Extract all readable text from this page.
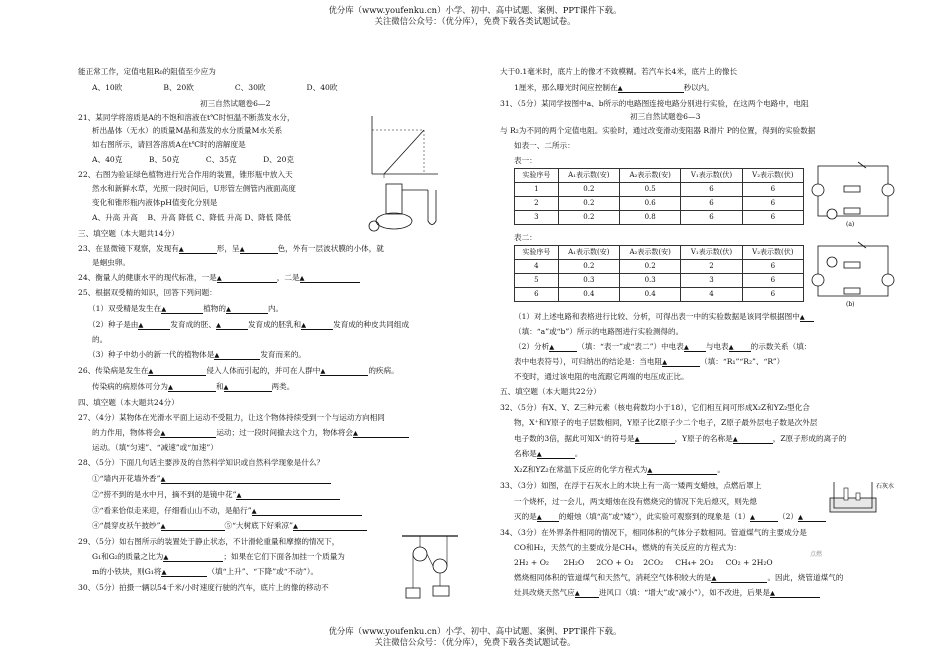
优分库（www.youfenku.cn）小学、初中、高中试题、案例、PPT课件下载。
关注微信公众号：（优分库），免费下载各类试题试卷。
能正常工作，定值电阻R₀的阻值至少应为
A、10欧                 B、20欧                 C、30欧                 D、40欧
初三自然试题卷6—2
21、某同学将溶质是A的不饱和溶液在t℃时恒温不断蒸发水分，
析出晶体（无水）的质量M晶和蒸发的水分质量M水关系
如右图所示，请回答溶质A在t℃时的溶解度是
A、40克           B、50克           C、35克           D、20克
22、右图为验证绿色植物进行光合作用的装置，锥形瓶中放入天
然水和新鲜水草，光照一段时间后，U形管左侧管内液面高度
变化和锥形瓶内液体pH值变化分别是
A、升高 升高    B、升高 降低 C、降低 升高 D、降低 降低
三、填空题（本大题共14分）
23、在显微镜下观察，发现有▲	形，呈▲	色，外有一层波状膜的小体，就
是蛔虫卵。
24、衡量人的健康水平的现代标准，一是▲	，二是▲
25、根据双受精的知识，回答下列问题：
（1）双受精是发生在▲	植物的▲	内。
（2）种子是由▲	发育成的胚、▲	发育成的胚乳和▲	发育成的种皮共同组成
的。
（3）种子中幼小的新一代的植物体是▲	发育而来的。
26、传染病是发生在▲	侵入人体而引起的，并可在人群中▲	的疾病。
传染病的病原体可分为▲	和▲	两类。
四、填空题（本大题共24分）
27、（4分）某物体在光滑水平面上运动不受阻力，让这个物体持续受到一个与运动方向相同
的力作用，物体将会▲	运动；过一段时间撤去这个力，物体将会▲
运动。（填“匀速”、“减速”或“加速”）
28、（5分）下面几句话主要涉及的自然科学知识或自然科学现象是什么？
①“墙内开花墙外香”▲
②“捞不到的是水中月，摘不到的是镜中花”▲
③“看来恰似走来迎，仔细看山山不动，是船行”▲
④“晨穿皮袄午披纱”▲	⑤“大树底下好乘凉”▲
29、（5分）如右图所示的装置处于静止状态，不计滑轮重量和摩擦的情况下，
G₁和G₂的质量之比为▲	；如果在它们下面各加挂一个质量为
m的小铁块，则G₁将▲	（填“上升”、“下降”或“不动”）。
30、（5分）拍摄一辆以54千米/小时速度行驶的汽车，底片上的像的移动不
大于0.1毫米时，底片上的像才不致模糊。若汽车长4米，底片上的像长
1厘米，那么曝光时间应控制在▲	秒以内。
31、（5分）某同学按图中a、b所示的电路图连接电路分别进行实验，在这两个电路中，电阻
初三自然试题卷6—3
与 R₂为不同的两个定值电阻。实验时，通过改变滑动变阻器 R滑片 P的位置，得到的实验数据
如表一、二所示：
表一：
实验序号	A₁表示数(安)	A₂表示数(安)	V₁表示数(伏)	V₂表示数(伏)
1	0.2	0.5	6	6
2	0.2	0.6	6	6
3	0.2	0.8	6	6
表二：
实验序号	A₁表示数(安)	A₂表示数(安)	V₁表示数(伏)	V₂表示数(伏)
4	0.2	0.2	2	6
5	0.3	0.3	3	6
6	0.4	0.4	4	6
(a)
(b)
（1）对上述电路和表格进行比较、分析，可得出表一中的实验数据是该同学根据图中▲
（填：“a”或“b”）所示的电路图进行实验测得的。
（2）分析▲	（填：“表一”或“表二”）中电表▲ 与电表▲ 的示数关系（填：
表中电表符号），可归纳出的结论是：当电阻▲	（填：“R₁”“R₂”、“R”）
不变时，通过该电阻的电流跟它两端的电压成正比。
五、填空题（本大题共22分）
32、（5分）有X、Y、Z三种元素（核电荷数均小于18），它们相互间可形成X₂Z和YZ₂型化合
物，X⁺和Y原子的电子层数相同，Y原子比Z原子少二个电子，Z原子最外层电子数是次外层
电子数的3倍，据此可知X⁺的符号是▲	，Y原子的名称是▲	，Z原子形成的离子的
名称是▲	。
X₂Z和YZ₂在常温下反应的化学方程式为▲	。
33、（3分）如图，在浮于石灰水上的木块上有一高一矮两支蜡烛，点燃后罩上
一个烧杯，过一会儿，两支蜡烛在没有燃烧完的情况下先后熄灭，则先熄
灭的是▲ 的蜡烛（填“高”或“矮”），此实验可观察到的现象是（1）▲	（2）▲
石灰水
34、（3分）在外界条件相同的情况下，相同体积的气体分子数相同。管道煤气的主要成分是
CO和H₂，天然气的主要成分是CH₄，燃烧的有关反应的方程式为：
2H₂ + O₂      2H₂O     2CO + O₂    2CO₂     CH₄+ 2O₂     CO₂ + 2H₂O
点燃
燃烧相同体积的管道煤气和天然气，消耗空气体积较大的是▲	。因此，烧管道煤气的
灶具改烧天然气应▲	进风口（填：“增大”或“减小”），如不改进，后果是▲
优分库（www.youfenku.cn）小学、初中、高中试题、案例、PPT课件下载。
关注微信公众号：（优分库），免费下载各类试题试卷。
